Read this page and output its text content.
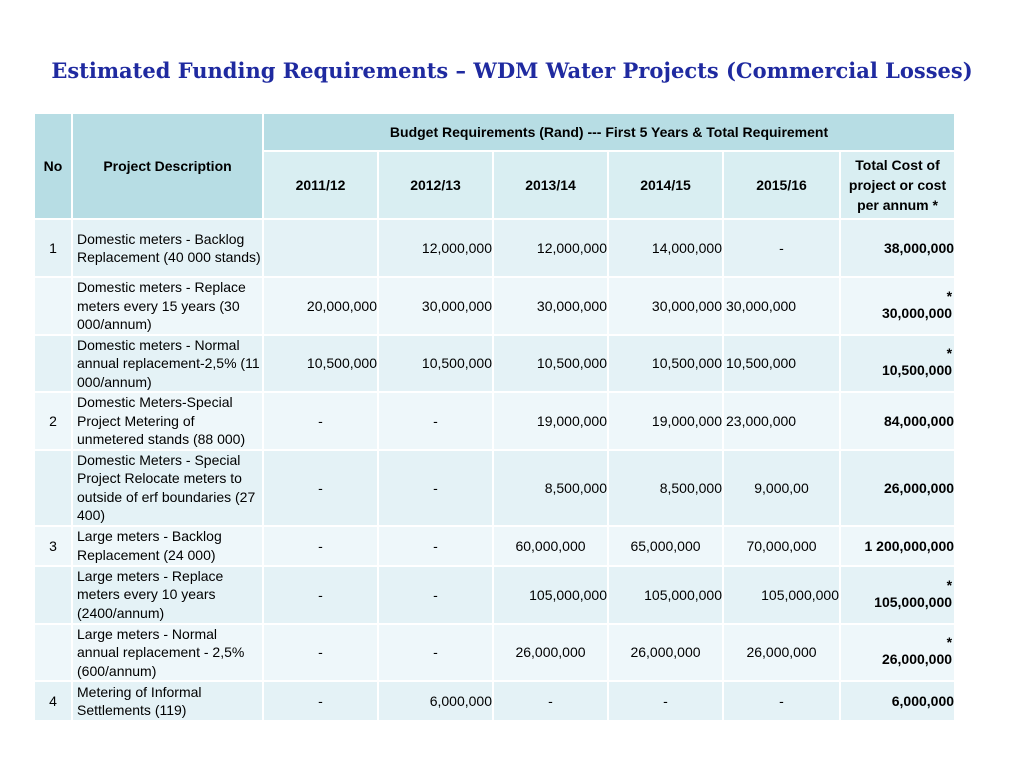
Estimated Funding Requirements – WDM Water Projects (Commercial Losses)
No	Project Description	Budget Requirements (Rand) --- First 5 Years & Total Requirement					
		2011/12	2012/13	2013/14	2014/15	2015/16	Total Cost of
project or cost
per annum *
1	Domestic meters - Backlog Replacement (40 000 stands)		12,000,000	12,000,000	14,000,000	-	38,000,000
	Domestic meters - Replace meters every 15 years (30 000/annum)	20,000,000	30,000,000	30,000,000	30,000,000	30,000,000	*
30,000,000

	Domestic meters - Normal annual replacement-2,5% (11 000/annum)	10,500,000	10,500,000	10,500,000	10,500,000	10,500,000	*
10,500,000

2	Domestic Meters-Special Project Metering of unmetered stands (88 000)	-	-	19,000,000	19,000,000	23,000,000	84,000,000
	Domestic Meters - Special Project Relocate meters to outside of erf boundaries (27 400)	-	-	8,500,000	8,500,000	9,000,00	26,000,000
3	Large meters - Backlog Replacement (24 000)	-	-	60,000,000	65,000,000	70,000,000	1 200,000,000
	Large meters - Replace meters every 10 years (2400/annum)	-	-	105,000,000	105,000,000	105,000,000	*
105,000,000

	Large meters - Normal annual replacement - 2,5% (600/annum)	-	-	26,000,000	26,000,000	26,000,000	*
26,000,000

4	Metering of Informal Settlements (119)	-	6,000,000	-	-	-	6,000,000
